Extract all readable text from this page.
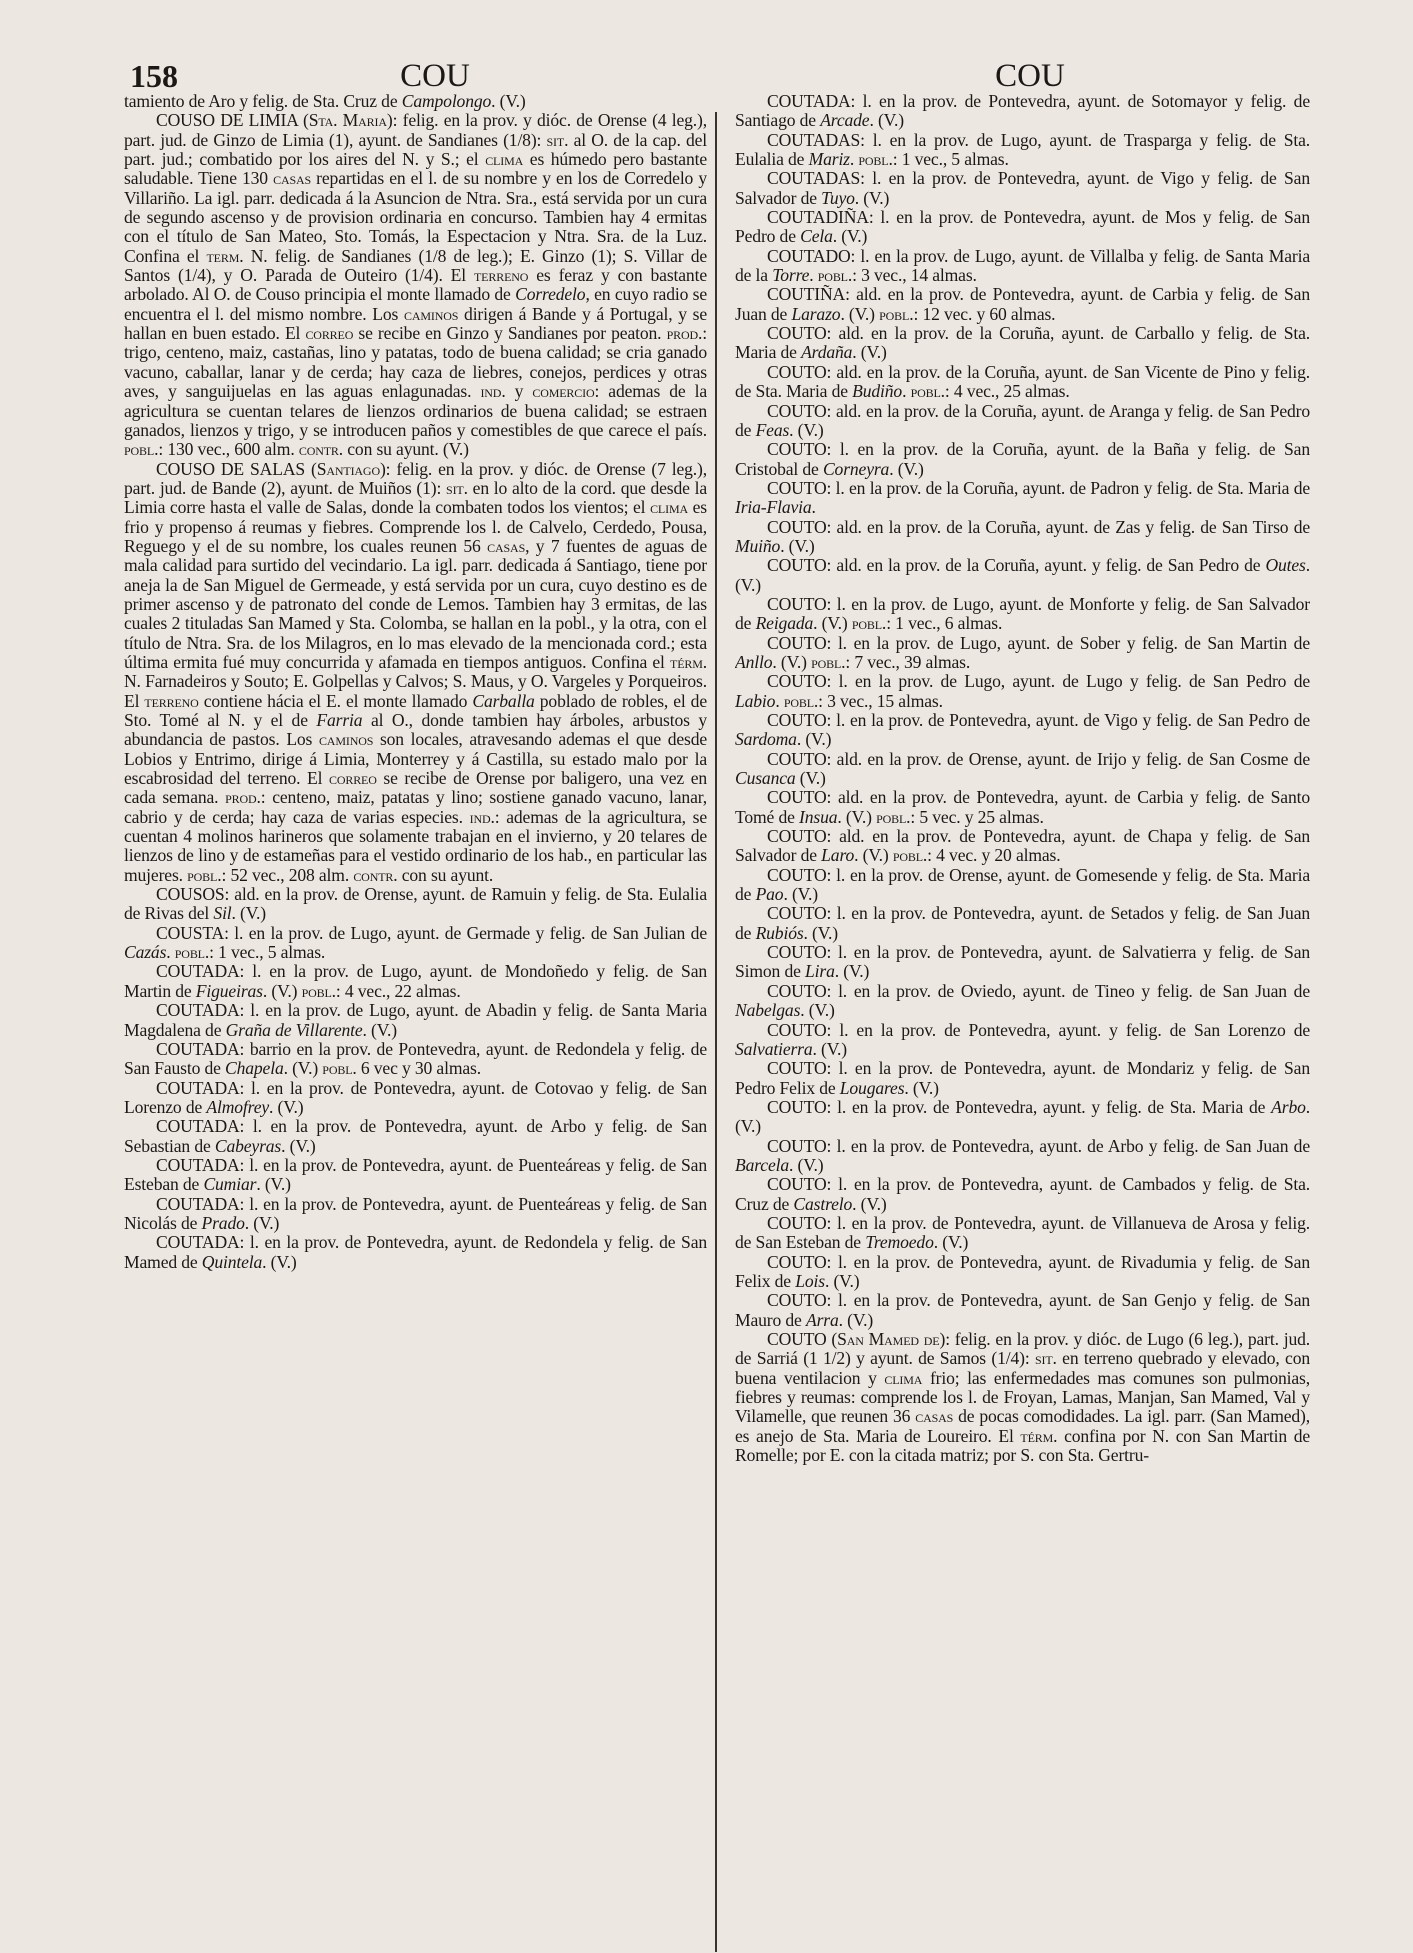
158	COU	COU

tamiento de Aro y felig. de Sta. Cruz de Campolongo. (V.)

COUSO DE LIMIA (Sta. Maria): felig. en la prov. y dióc. de Orense (4 leg.), part. jud. de Ginzo de Limia (1), ayunt. de Sandianes (1/8): sit. al O. de la cap. del part. jud.; combatido por los aires del N. y S.; el clima es húmedo pero bastante saludable. Tiene 130 casas repartidas en el l. de su nombre y en los de Corredelo y Villariño. La igl. parr. dedicada á la Asuncion de Ntra. Sra., está servida por un cura de segundo ascenso y de provision ordinaria en concurso. Tambien hay 4 ermitas con el título de San Mateo, Sto. Tomás, la Espectacion y Ntra. Sra. de la Luz. Confina el term. N. felig. de Sandianes (1/8 de leg.); E. Ginzo (1); S. Villar de Santos (1/4), y O. Parada de Outeiro (1/4). El terreno es feraz y con bastante arbolado. Al O. de Couso principia el monte llamado de Corredelo, en cuyo radio se encuentra el l. del mismo nombre. Los caminos dirigen á Bande y á Portugal, y se hallan en buen estado. El correo se recibe en Ginzo y Sandianes por peaton. prod.: trigo, centeno, maiz, castañas, lino y patatas, todo de buena calidad; se cria ganado vacuno, caballar, lanar y de cerda; hay caza de liebres, conejos, perdices y otras aves, y sanguijuelas en las aguas enlagunadas. ind. y comercio: ademas de la agricultura se cuentan telares de lienzos ordinarios de buena calidad; se estraen ganados, lienzos y trigo, y se introducen paños y comestibles de que carece el país. pobl.: 130 vec., 600 alm. contr. con su ayunt. (V.)

COUSO DE SALAS (Santiago): felig. en la prov. y dióc. de Orense (7 leg.), part. jud. de Bande (2), ayunt. de Muiños (1): sit. en lo alto de la cord. que desde la Limia corre hasta el valle de Salas, donde la combaten todos los vientos; el clima es frio y propenso á reumas y fiebres. Comprende los l. de Calvelo, Cerdedo, Pousa, Reguego y el de su nombre, los cuales reunen 56 casas, y 7 fuentes de aguas de mala calidad para surtido del vecindario. La igl. parr. dedicada á Santiago, tiene por aneja la de San Miguel de Germeade, y está servida por un cura, cuyo destino es de primer ascenso y de patronato del conde de Lemos. Tambien hay 3 ermitas, de las cuales 2 tituladas San Mamed y Sta. Colomba, se hallan en la pobl., y la otra, con el título de Ntra. Sra. de los Milagros, en lo mas elevado de la mencionada cord.; esta última ermita fué muy concurrida y afamada en tiempos antiguos. Confina el térm. N. Farnadeiros y Souto; E. Golpellas y Calvos; S. Maus, y O. Vargeles y Porqueiros. El terreno contiene hácia el E. el monte llamado Carballa poblado de robles, el de Sto. Tomé al N. y el de Farria al O., donde tambien hay árboles, arbustos y abundancia de pastos. Los caminos son locales, atravesando ademas el que desde Lobios y Entrimo, dirige á Limia, Monterrey y á Castilla, su estado malo por la escabrosidad del terreno. El correo se recibe de Orense por baligero, una vez en cada semana. prod.: centeno, maiz, patatas y lino; sostiene ganado vacuno, lanar, cabrio y de cerda; hay caza de varias especies. ind.: ademas de la agricultura, se cuentan 4 molinos harineros que solamente trabajan en el invierno, y 20 telares de lienzos de lino y de estameñas para el vestido ordinario de los hab., en particular las mujeres. pobl.: 52 vec., 208 alm. contr. con su ayunt.

COUSOS: ald. en la prov. de Orense, ayunt. de Ramuin y felig. de Sta. Eulalia de Rivas del Sil. (V.)

COUSTA: l. en la prov. de Lugo, ayunt. de Germade y felig. de San Julian de Cazás. pobl.: 1 vec., 5 almas.

COUTADA: l. en la prov. de Lugo, ayunt. de Mondoñedo y felig. de San Martin de Figueiras. (V.) pobl.: 4 vec., 22 almas.

COUTADA: l. en la prov. de Lugo, ayunt. de Abadin y felig. de Santa Maria Magdalena de Graña de Villarente. (V.)

COUTADA: barrio en la prov. de Pontevedra, ayunt. de Redondela y felig. de San Fausto de Chapela. (V.) pobl. 6 vec y 30 almas.

COUTADA: l. en la prov. de Pontevedra, ayunt. de Cotovao y felig. de San Lorenzo de Almofrey. (V.)

COUTADA: l. en la prov. de Pontevedra, ayunt. de Arbo y felig. de San Sebastian de Cabeyras. (V.)

COUTADA: l. en la prov. de Pontevedra, ayunt. de Puenteáreas y felig. de San Esteban de Cumiar. (V.)

COUTADA: l. en la prov. de Pontevedra, ayunt. de Puenteáreas y felig. de San Nicolás de Prado. (V.)

COUTADA: l. en la prov. de Pontevedra, ayunt. de Redondela y felig. de San Mamed de Quintela. (V.)

COUTADA: l. en la prov. de Pontevedra, ayunt. de Sotomayor y felig. de Santiago de Arcade. (V.)

COUTADAS: l. en la prov. de Lugo, ayunt. de Trasparga y felig. de Sta. Eulalia de Mariz. pobl.: 1 vec., 5 almas.

COUTADAS: l. en la prov. de Pontevedra, ayunt. de Vigo y felig. de San Salvador de Tuyo. (V.)

COUTADIÑA: l. en la prov. de Pontevedra, ayunt. de Mos y felig. de San Pedro de Cela. (V.)

COUTADO: l. en la prov. de Lugo, ayunt. de Villalba y felig. de Santa Maria de la Torre. pobl.: 3 vec., 14 almas.

COUTIÑA: ald. en la prov. de Pontevedra, ayunt. de Carbia y felig. de San Juan de Larazo. (V.) pobl.: 12 vec. y 60 almas.

COUTO: ald. en la prov. de la Coruña, ayunt. de Carballo y felig. de Sta. Maria de Ardaña. (V.)

COUTO: ald. en la prov. de la Coruña, ayunt. de San Vicente de Pino y felig. de Sta. Maria de Budiño. pobl.: 4 vec., 25 almas.

COUTO: ald. en la prov. de la Coruña, ayunt. de Aranga y felig. de San Pedro de Feas. (V.)

COUTO: l. en la prov. de la Coruña, ayunt. de la Baña y felig. de San Cristobal de Corneyra. (V.)

COUTO: l. en la prov. de la Coruña, ayunt. de Padron y felig. de Sta. Maria de Iria-Flavia.

COUTO: ald. en la prov. de la Coruña, ayunt. de Zas y felig. de San Tirso de Muiño. (V.)

COUTO: ald. en la prov. de la Coruña, ayunt. y felig. de San Pedro de Outes. (V.)

COUTO: l. en la prov. de Lugo, ayunt. de Monforte y felig. de San Salvador de Reigada. (V.) pobl.: 1 vec., 6 almas.

COUTO: l. en la prov. de Lugo, ayunt. de Sober y felig. de San Martin de Anllo. (V.) pobl.: 7 vec., 39 almas.

COUTO: l. en la prov. de Lugo, ayunt. de Lugo y felig. de San Pedro de Labio. pobl.: 3 vec., 15 almas.

COUTO: l. en la prov. de Pontevedra, ayunt. de Vigo y felig. de San Pedro de Sardoma. (V.)

COUTO: ald. en la prov. de Orense, ayunt. de Irijo y felig. de San Cosme de Cusanca (V.)

COUTO: ald. en la prov. de Pontevedra, ayunt. de Carbia y felig. de Santo Tomé de Insua. (V.) pobl.: 5 vec. y 25 almas.

COUTO: ald. en la prov. de Pontevedra, ayunt. de Chapa y felig. de San Salvador de Laro. (V.) pobl.: 4 vec. y 20 almas.

COUTO: l. en la prov. de Orense, ayunt. de Gomesende y felig. de Sta. Maria de Pao. (V.)

COUTO: l. en la prov. de Pontevedra, ayunt. de Setados y felig. de San Juan de Rubiós. (V.)

COUTO: l. en la prov. de Pontevedra, ayunt. de Salvatierra y felig. de San Simon de Lira. (V.)

COUTO: l. en la prov. de Oviedo, ayunt. de Tineo y felig. de San Juan de Nabelgas. (V.)

COUTO: l. en la prov. de Pontevedra, ayunt. y felig. de San Lorenzo de Salvatierra. (V.)

COUTO: l. en la prov. de Pontevedra, ayunt. de Mondariz y felig. de San Pedro Felix de Lougares. (V.)

COUTO: l. en la prov. de Pontevedra, ayunt. y felig. de Sta. Maria de Arbo. (V.)

COUTO: l. en la prov. de Pontevedra, ayunt. de Arbo y felig. de San Juan de Barcela. (V.)

COUTO: l. en la prov. de Pontevedra, ayunt. de Cambados y felig. de Sta. Cruz de Castrelo. (V.)

COUTO: l. en la prov. de Pontevedra, ayunt. de Villanueva de Arosa y felig. de San Esteban de Tremoedo. (V.)

COUTO: l. en la prov. de Pontevedra, ayunt. de Rivadumia y felig. de San Felix de Lois. (V.)

COUTO: l. en la prov. de Pontevedra, ayunt. de San Genjo y felig. de San Mauro de Arra. (V.)

COUTO (San Mamed de): felig. en la prov. y dióc. de Lugo (6 leg.), part. jud. de Sarriá (1 1/2) y ayunt. de Samos (1/4): sit. en terreno quebrado y elevado, con buena ventilacion y clima frio; las enfermedades mas comunes son pulmonias, fiebres y reumas: comprende los l. de Froyan, Lamas, Manjan, San Mamed, Val y Vilamelle, que reunen 36 casas de pocas comodidades. La igl. parr. (San Mamed), es anejo de Sta. Maria de Loureiro. El térm. confina por N. con San Martin de Romelle; por E. con la citada matriz; por S. con Sta. Gertru-
